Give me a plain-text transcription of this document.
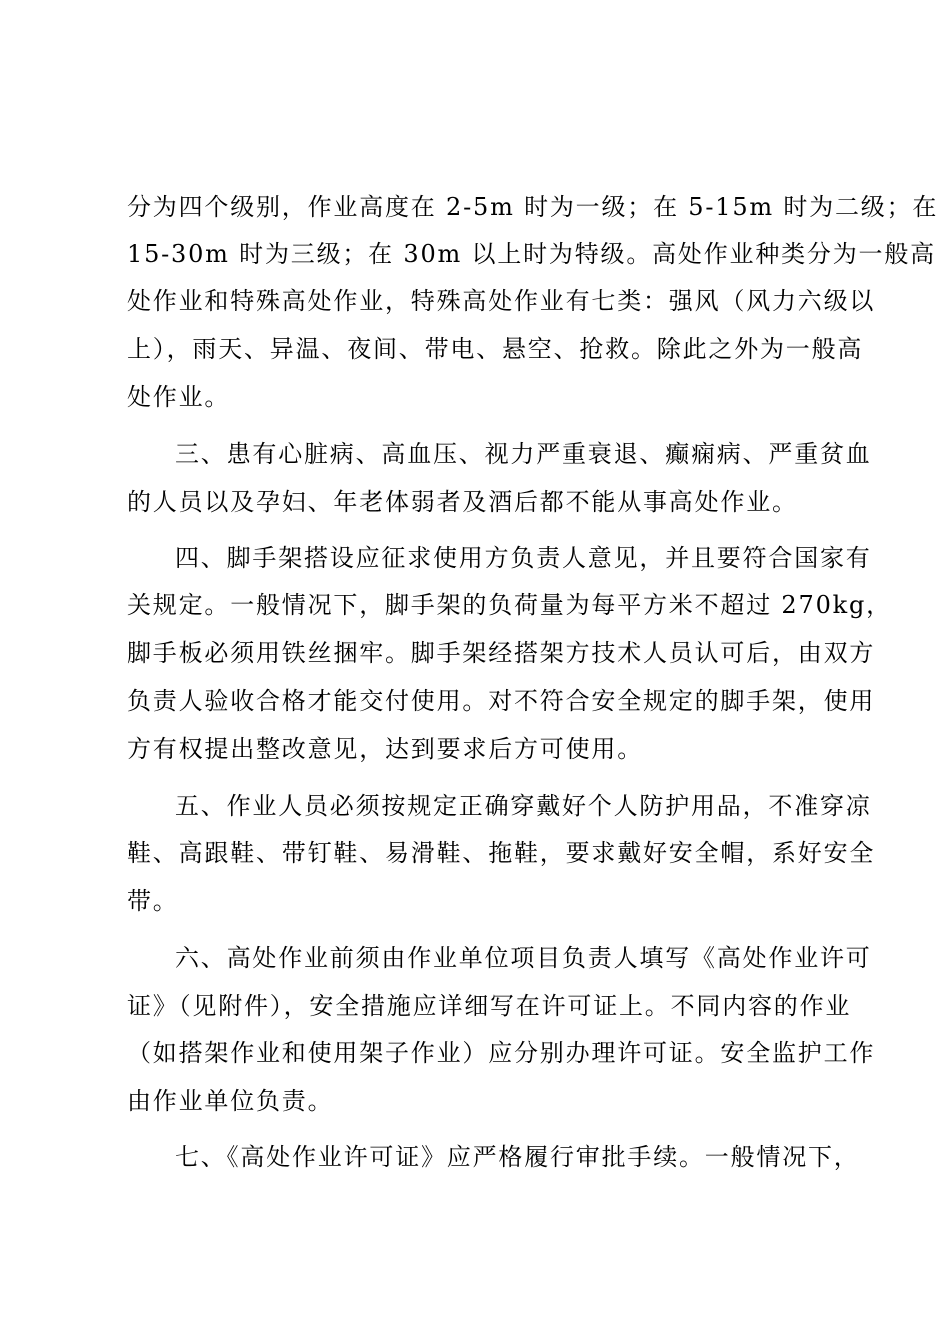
分为四个级别，作业高度在 2-5m 时为一级；在 5-15m 时为二级；在
15-30m 时为三级；在 30m 以上时为特级。高处作业种类分为一般高
处作业和特殊高处作业，特殊高处作业有七类：强风（风力六级以
上），雨天、异温、夜间、带电、悬空、抢救。除此之外为一般高
处作业。
三、患有心脏病、高血压、视力严重衰退、癫痫病、严重贫血
的人员以及孕妇、年老体弱者及酒后都不能从事高处作业。
四、脚手架搭设应征求使用方负责人意见，并且要符合国家有
关规定。一般情况下，脚手架的负荷量为每平方米不超过 270kg，
脚手板必须用铁丝捆牢。脚手架经搭架方技术人员认可后，由双方
负责人验收合格才能交付使用。对不符合安全规定的脚手架，使用
方有权提出整改意见，达到要求后方可使用。
五、作业人员必须按规定正确穿戴好个人防护用品，不准穿凉
鞋、高跟鞋、带钉鞋、易滑鞋、拖鞋，要求戴好安全帽，系好安全
带。
六、高处作业前须由作业单位项目负责人填写《高处作业许可
证》（见附件），安全措施应详细写在许可证上。不同内容的作业
（如搭架作业和使用架子作业）应分别办理许可证。安全监护工作
由作业单位负责。
七、《高处作业许可证》应严格履行审批手续。一般情况下，
